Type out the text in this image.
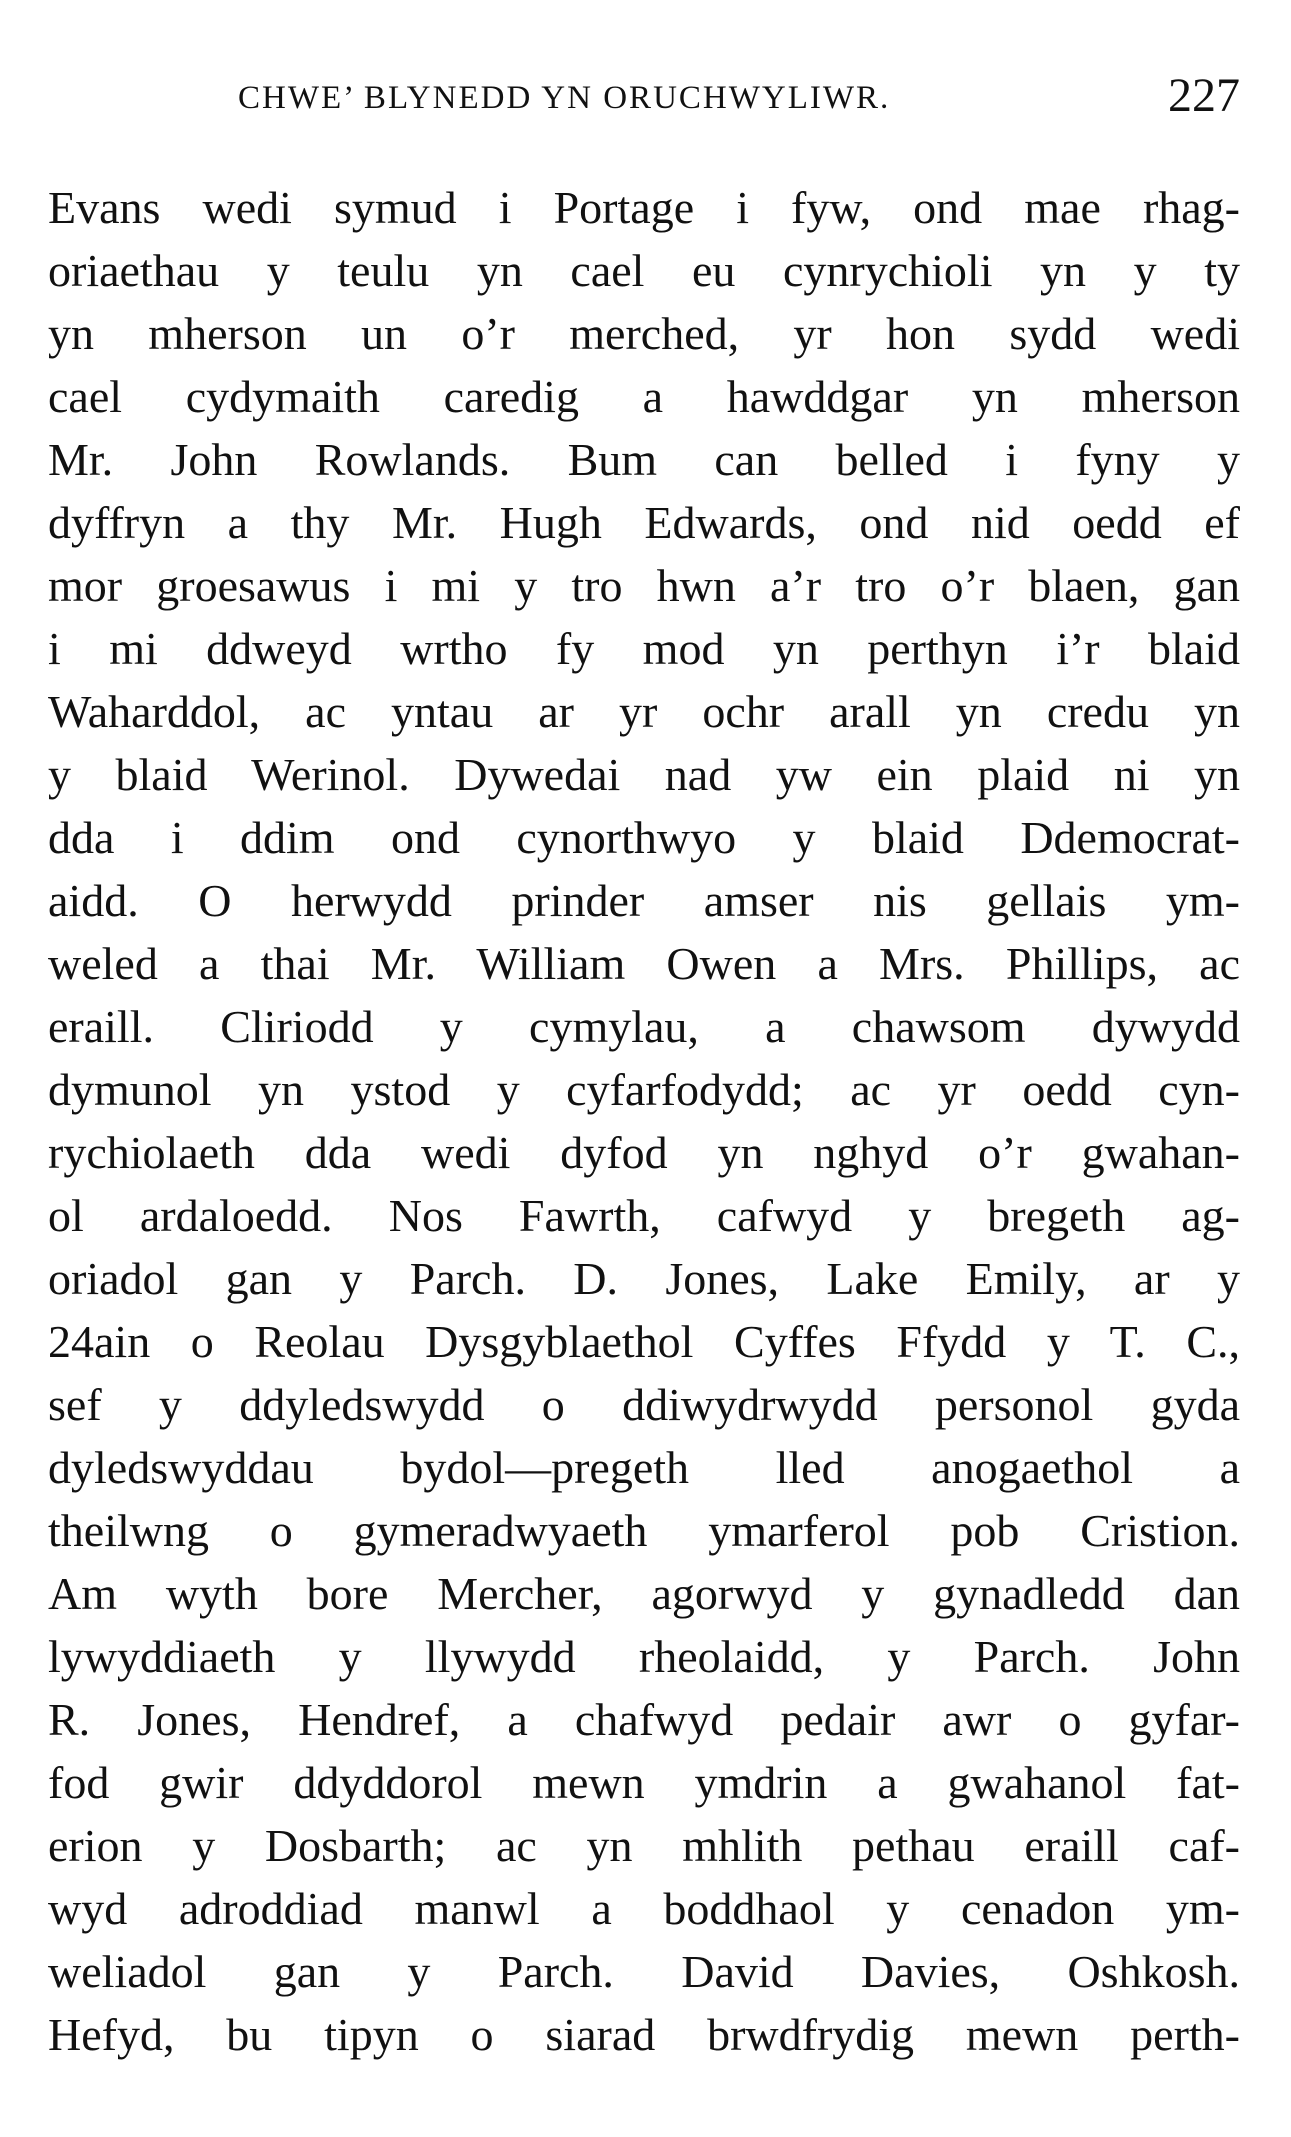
CHWE’ BLYNEDD YN ORUCHWYLIWR.	227
Evans wedi symud i Portage i fyw, ond mae rhag-
oriaethau y teulu yn cael eu cynrychioli yn y ty
yn mherson un o’r merched, yr hon sydd wedi
cael cydymaith caredig a hawddgar yn mherson
Mr. John Rowlands. Bum can belled i fyny y
dyffryn a thy Mr. Hugh Edwards, ond nid oedd ef
mor groesawus i mi y tro hwn a’r tro o’r blaen, gan
i mi ddweyd wrtho fy mod yn perthyn i’r blaid
Waharddol, ac yntau ar yr ochr arall yn credu yn
y blaid Werinol. Dywedai nad yw ein plaid ni yn
dda i ddim ond cynorthwyo y blaid Ddemocrat-
aidd. O herwydd prinder amser nis gellais ym-
weled a thai Mr. William Owen a Mrs. Phillips, ac
eraill. Cliriodd y cymylau, a chawsom dywydd
dymunol yn ystod y cyfarfodydd; ac yr oedd cyn-
rychiolaeth dda wedi dyfod yn nghyd o’r gwahan-
ol ardaloedd. Nos Fawrth, cafwyd y bregeth ag-
oriadol gan y Parch. D. Jones, Lake Emily, ar y
24ain o Reolau Dysgyblaethol Cyffes Ffydd y T. C.,
sef y ddyledswydd o ddiwydrwydd personol gyda
dyledswyddau bydol—pregeth lled anogaethol a
theilwng o gymeradwyaeth ymarferol pob Cristion.
Am wyth bore Mercher, agorwyd y gynadledd dan
lywyddiaeth y llywydd rheolaidd, y Parch. John
R. Jones, Hendref, a chafwyd pedair awr o gyfar-
fod gwir ddyddorol mewn ymdrin a gwahanol fat-
erion y Dosbarth; ac yn mhlith pethau eraill caf-
wyd adroddiad manwl a boddhaol y cenadon ym-
weliadol gan y Parch. David Davies, Oshkosh.
Hefyd, bu tipyn o siarad brwdfrydig mewn perth-
